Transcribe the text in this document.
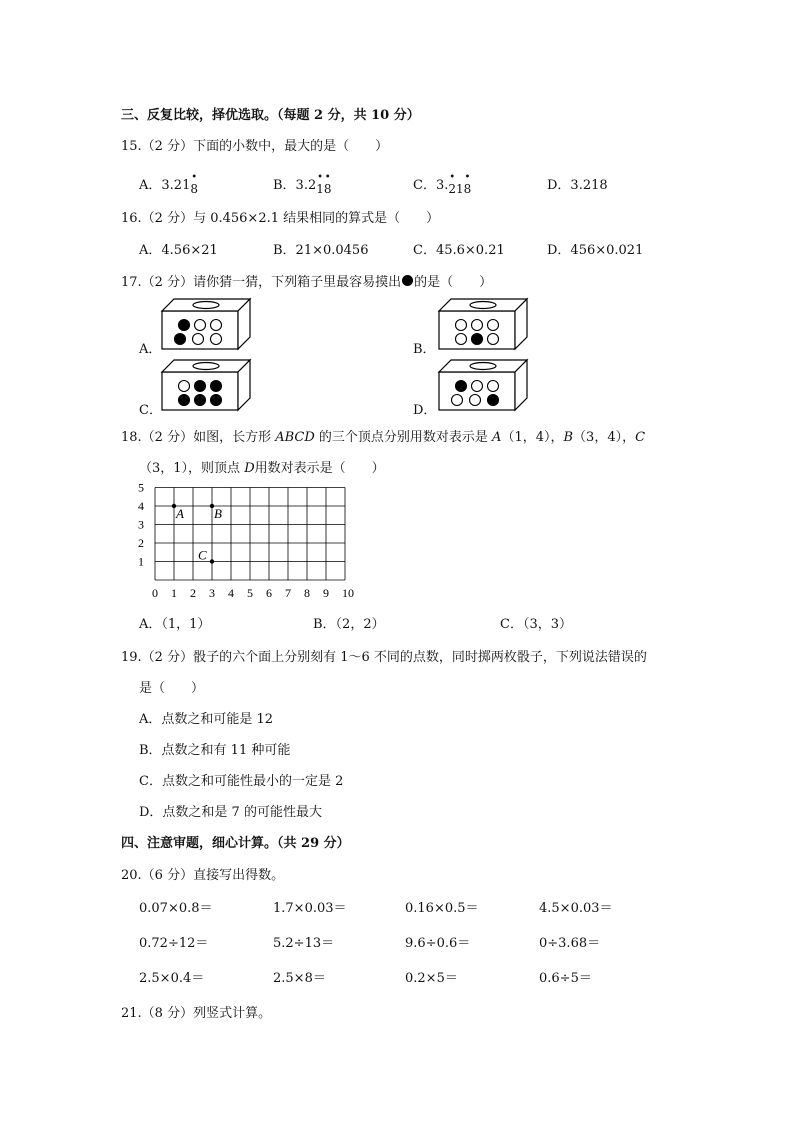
三、反复比较，择优选取。（每题 2 分，共 10 分）
15.（2 分）下面的小数中，最大的是（　　）
A．3.21
•
8	B．3.2
•
1
•
8	C．3.
•
21
•
8	D．3.218
16.（2 分）与 0.456×2.1 结果相同的算式是（　　）
A．4.56×21	B．21×0.0456	C．45.6×0.21	D．456×0.021
17.（2 分）请你猜一猜，下列箱子里最容易摸出 的是（　　）
A．	B．
C．	D．
18.（2 分）如图，长方形 ABCD 的三个顶点分别用数对表示是 A（1，4），B（3，4），C
（3，1），则顶点 D用数对表示是（　　）
5
4
3
2
1
0 1 2 3 4 5 6 7 8 9 10
A B
C
A．（1，1）	B．（2，2）	C．（3，3）
19.（2 分）骰子的六个面上分别刻有 1～6 不同的点数，同时掷两枚骰子，下列说法错误的
是（　　）
A．点数之和可能是 12
B．点数之和有 11 种可能
C．点数之和可能性最小的一定是 2
D．点数之和是 7 的可能性最大
四、注意审题，细心计算。（共 29 分）
20.（6 分）直接写出得数。
0.07×0.8＝	1.7×0.03＝	0.16×0.5＝	4.5×0.03＝
0.72÷12＝	5.2÷13＝	9.6÷0.6＝	0÷3.68＝
2.5×0.4＝	2.5×8＝	0.2×5＝	0.6÷5＝
21.（8 分）列竖式计算。
